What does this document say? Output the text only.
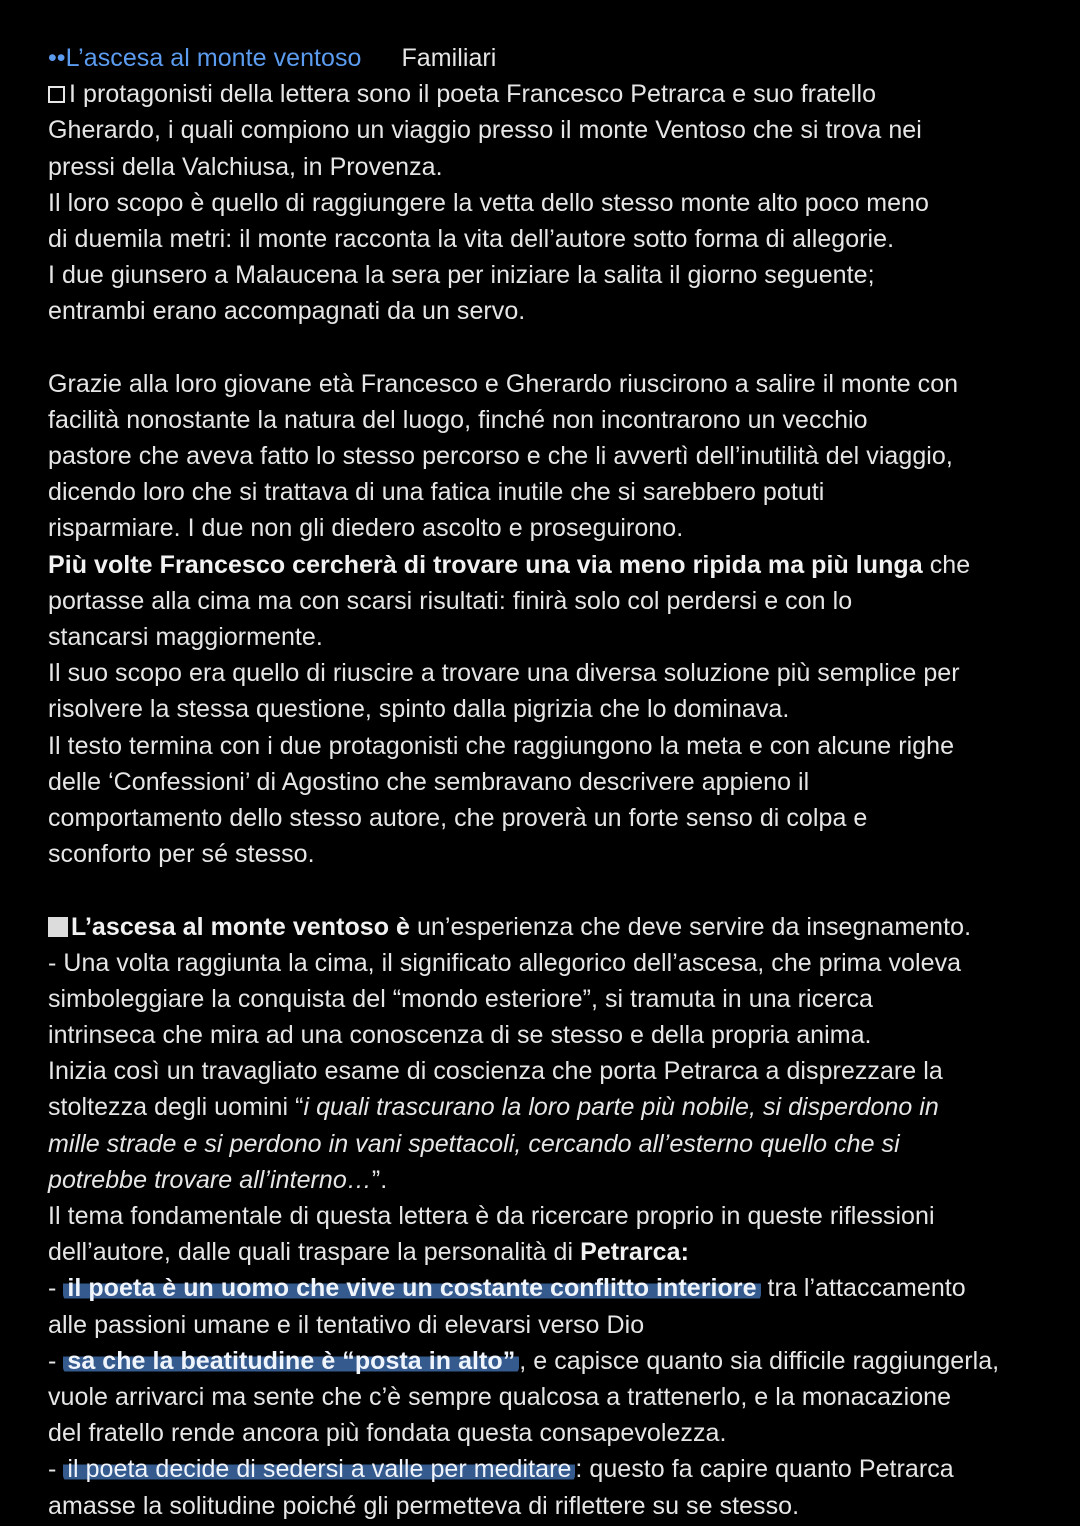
••L’ascesa al monte ventoso Familiari
I protagonisti della lettera sono il poeta Francesco Petrarca e suo fratello
Gherardo, i quali compiono un viaggio presso il monte Ventoso che si trova nei
pressi della Valchiusa, in Provenza.
Il loro scopo è quello di raggiungere la vetta dello stesso monte alto poco meno
di duemila metri: il monte racconta la vita dell’autore sotto forma di allegorie.
I due giunsero a Malaucena la sera per iniziare la salita il giorno seguente;
entrambi erano accompagnati da un servo.
Grazie alla loro giovane età Francesco e Gherardo riuscirono a salire il monte con
facilità nonostante la natura del luogo, finché non incontrarono un vecchio
pastore che aveva fatto lo stesso percorso e che li avvertì dell’inutilità del viaggio,
dicendo loro che si trattava di una fatica inutile che si sarebbero potuti
risparmiare. I due non gli diedero ascolto e proseguirono.
Più volte Francesco cercherà di trovare una via meno ripida ma più lunga che
portasse alla cima ma con scarsi risultati: finirà solo col perdersi e con lo
stancarsi maggiormente.
Il suo scopo era quello di riuscire a trovare una diversa soluzione più semplice per
risolvere la stessa questione, spinto dalla pigrizia che lo dominava.
Il testo termina con i due protagonisti che raggiungono la meta e con alcune righe
delle ‘Confessioni’ di Agostino che sembravano descrivere appieno il
comportamento dello stesso autore, che proverà un forte senso di colpa e
sconforto per sé stesso.
L’ascesa al monte ventoso è un’esperienza che deve servire da insegnamento.
- Una volta raggiunta la cima, il significato allegorico dell’ascesa, che prima voleva
simboleggiare la conquista del “mondo esteriore”, si tramuta in una ricerca
intrinseca che mira ad una conoscenza di se stesso e della propria anima.
Inizia così un travagliato esame di coscienza che porta Petrarca a disprezzare la
stoltezza degli uomini “i quali trascurano la loro parte più nobile, si disperdono in
mille strade e si perdono in vani spettacoli, cercando all’esterno quello che si
potrebbe trovare all’interno…”.
Il tema fondamentale di questa lettera è da ricercare proprio in queste riflessioni
dell’autore, dalle quali traspare la personalità di Petrarca:
- il poeta è un uomo che vive un costante conflitto interiore tra l’attaccamento
alle passioni umane e il tentativo di elevarsi verso Dio
- sa che la beatitudine è “posta in alto” , e capisce quanto sia difficile raggiungerla,
vuole arrivarci ma sente che c’è sempre qualcosa a trattenerlo, e la monacazione
del fratello rende ancora più fondata questa consapevolezza.
- il poeta decide di sedersi a valle per meditare : questo fa capire quanto Petrarca
amasse la solitudine poiché gli permetteva di riflettere su se stesso.
